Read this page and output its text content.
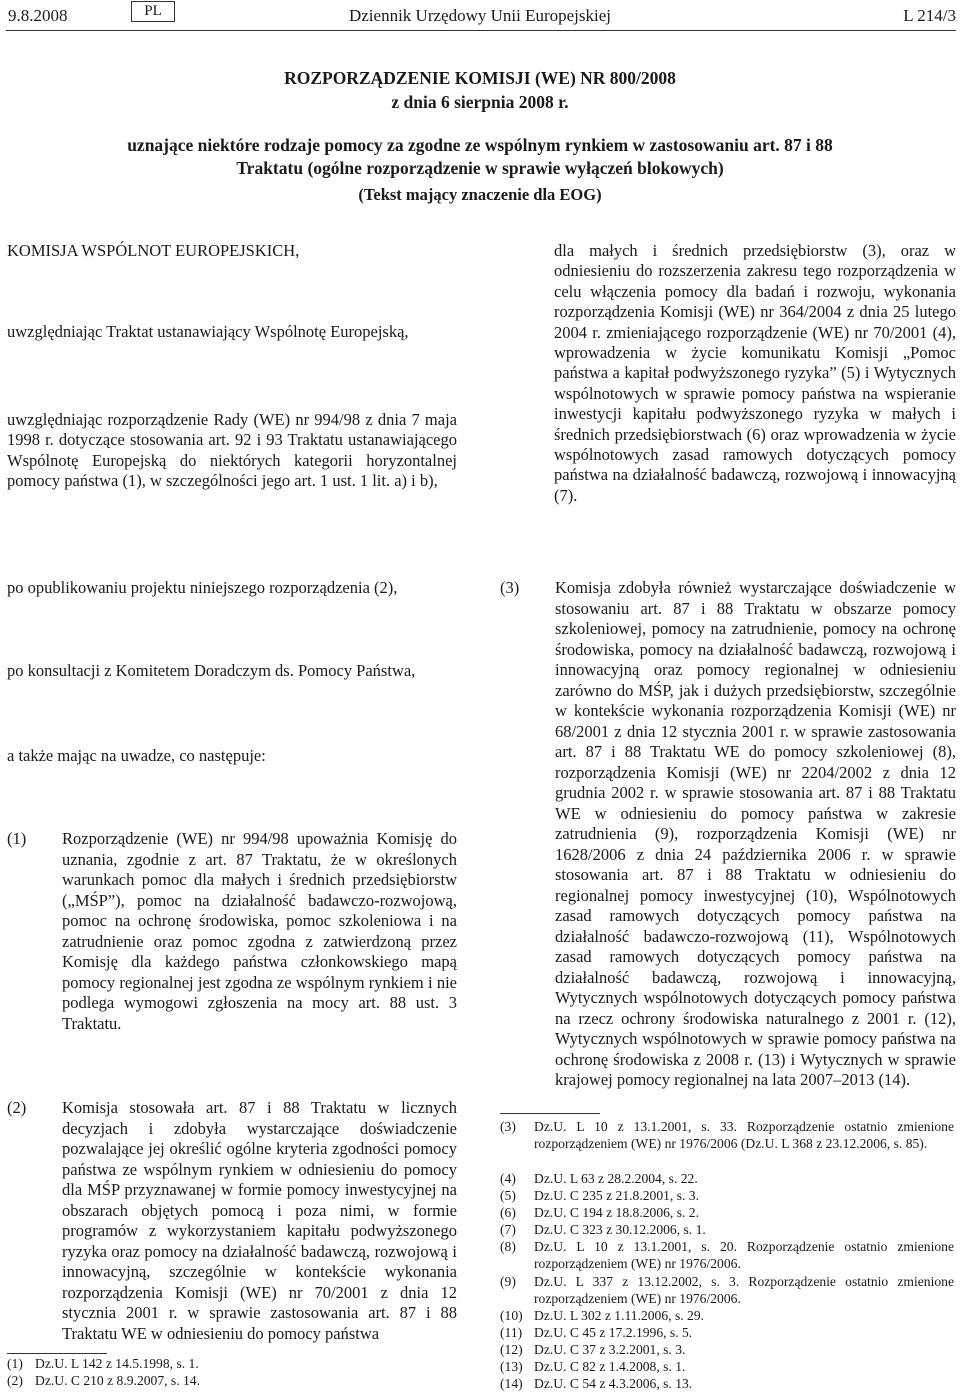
9.8.2008	PL	Dziennik Urzędowy Unii Europejskiej	L 214/3
ROZPORZĄDZENIE KOMISJI (WE) NR 800/2008
z dnia 6 sierpnia 2008 r.
uznające niektóre rodzaje pomocy za zgodne ze wspólnym rynkiem w zastosowaniu art. 87 i 88
Traktatu (ogólne rozporządzenie w sprawie wyłączeń blokowych)
(Tekst mający znaczenie dla EOG)
KOMISJA WSPÓLNOT EUROPEJSKICH,
uwzględniając Traktat ustanawiający Wspólnotę Europejską,
uwzględniając rozporządzenie Rady (WE) nr 994/98 z dnia 7 maja 1998 r. dotyczące stosowania art. 92 i 93 Traktatu ustanawiającego Wspólnotę Europejską do niektórych kategorii horyzontalnej pomocy państwa (1), w szczególności jego art. 1 ust. 1 lit. a) i b),
dla małych i średnich przedsiębiorstw (3), oraz w odniesieniu do rozszerzenia zakresu tego rozporządzenia w celu włączenia pomocy dla badań i rozwoju, wykonania rozporządzenia Komisji (WE) nr 364/2004 z dnia 25 lutego 2004 r. zmieniającego rozporządzenie (WE) nr 70/2001 (4), wprowadzenia w życie komunikatu Komisji „Pomoc państwa a kapitał podwyższonego ryzyka” (5) i Wytycznych wspólnotowych w sprawie pomocy państwa na wspieranie inwestycji kapitału podwyższonego ryzyka w małych i średnich przedsiębiorstwach (6) oraz wprowadzenia w życie wspólnotowych zasad ramowych dotyczących pomocy państwa na działalność badawczą, rozwojową i innowacyjną (7).
po opublikowaniu projektu niniejszego rozporządzenia (2),
po konsultacji z Komitetem Doradczym ds. Pomocy Państwa,
a także mając na uwadze, co następuje:
(1) Rozporządzenie (WE) nr 994/98 upoważnia Komisję do uznania, zgodnie z art. 87 Traktatu, że w określonych warunkach pomoc dla małych i średnich przedsiębiorstw („MŚP”), pomoc na działalność badawczo-rozwojową, pomoc na ochronę środowiska, pomoc szkoleniowa i na zatrudnienie oraz pomoc zgodna z zatwierdzoną przez Komisję dla każdego państwa członkowskiego mapą pomocy regionalnej jest zgodna ze wspólnym rynkiem i nie podlega wymogowi zgłoszenia na mocy art. 88 ust. 3 Traktatu.
(2) Komisja stosowała art. 87 i 88 Traktatu w licznych decyzjach i zdobyła wystarczające doświadczenie pozwalające jej określić ogólne kryteria zgodności pomocy państwa ze wspólnym rynkiem w odniesieniu do pomocy dla MŚP przyznawanej w formie pomocy inwestycyjnej na obszarach objętych pomocą i poza nimi, w formie programów z wykorzystaniem kapitału podwyższonego ryzyka oraz pomocy na działalność badawczą, rozwojową i innowacyjną, szczególnie w kontekście wykonania rozporządzenia Komisji (WE) nr 70/2001 z dnia 12 stycznia 2001 r. w sprawie zastosowania art. 87 i 88 Traktatu WE w odniesieniu do pomocy państwa
(3) Komisja zdobyła również wystarczające doświadczenie w stosowaniu art. 87 i 88 Traktatu w obszarze pomocy szkoleniowej, pomocy na zatrudnienie, pomocy na ochronę środowiska, pomocy na działalność badawczą, rozwojową i innowacyjną oraz pomocy regionalnej w odniesieniu zarówno do MŚP, jak i dużych przedsiębiorstw, szczególnie w kontekście wykonania rozporządzenia Komisji (WE) nr 68/2001 z dnia 12 stycznia 2001 r. w sprawie zastosowania art. 87 i 88 Traktatu WE do pomocy szkoleniowej (8), rozporządzenia Komisji (WE) nr 2204/2002 z dnia 12 grudnia 2002 r. w sprawie stosowania art. 87 i 88 Traktatu WE w odniesieniu do pomocy państwa w zakresie zatrudnienia (9), rozporządzenia Komisji (WE) nr 1628/2006 z dnia 24 października 2006 r. w sprawie stosowania art. 87 i 88 Traktatu w odniesieniu do regionalnej pomocy inwestycyjnej (10), Wspólnotowych zasad ramowych dotyczących pomocy państwa na działalność badawczo-rozwojową (11), Wspólnotowych zasad ramowych dotyczących pomocy państwa na działalność badawczą, rozwojową i innowacyjną, Wytycznych wspólnotowych dotyczących pomocy państwa na rzecz ochrony środowiska naturalnego z 2001 r. (12), Wytycznych wspólnotowych w sprawie pomocy państwa na ochronę środowiska z 2008 r. (13) i Wytycznych w sprawie krajowej pomocy regionalnej na lata 2007–2013 (14).
(1) Dz.U. L 142 z 14.5.1998, s. 1.
(2) Dz.U. C 210 z 8.9.2007, s. 14.
(3) Dz.U. L 10 z 13.1.2001, s. 33. Rozporządzenie ostatnio zmienione rozporządzeniem (WE) nr 1976/2006 (Dz.U. L 368 z 23.12.2006, s. 85).
(4) Dz.U. L 63 z 28.2.2004, s. 22.
(5) Dz.U. C 235 z 21.8.2001, s. 3.
(6) Dz.U. C 194 z 18.8.2006, s. 2.
(7) Dz.U. C 323 z 30.12.2006, s. 1.
(8) Dz.U. L 10 z 13.1.2001, s. 20. Rozporządzenie ostatnio zmienione rozporządzeniem (WE) nr 1976/2006.
(9) Dz.U. L 337 z 13.12.2002, s. 3. Rozporządzenie ostatnio zmienione rozporządzeniem (WE) nr 1976/2006.
(10) Dz.U. L 302 z 1.11.2006, s. 29.
(11) Dz.U. C 45 z 17.2.1996, s. 5.
(12) Dz.U. C 37 z 3.2.2001, s. 3.
(13) Dz.U. C 82 z 1.4.2008, s. 1.
(14) Dz.U. C 54 z 4.3.2006, s. 13.
